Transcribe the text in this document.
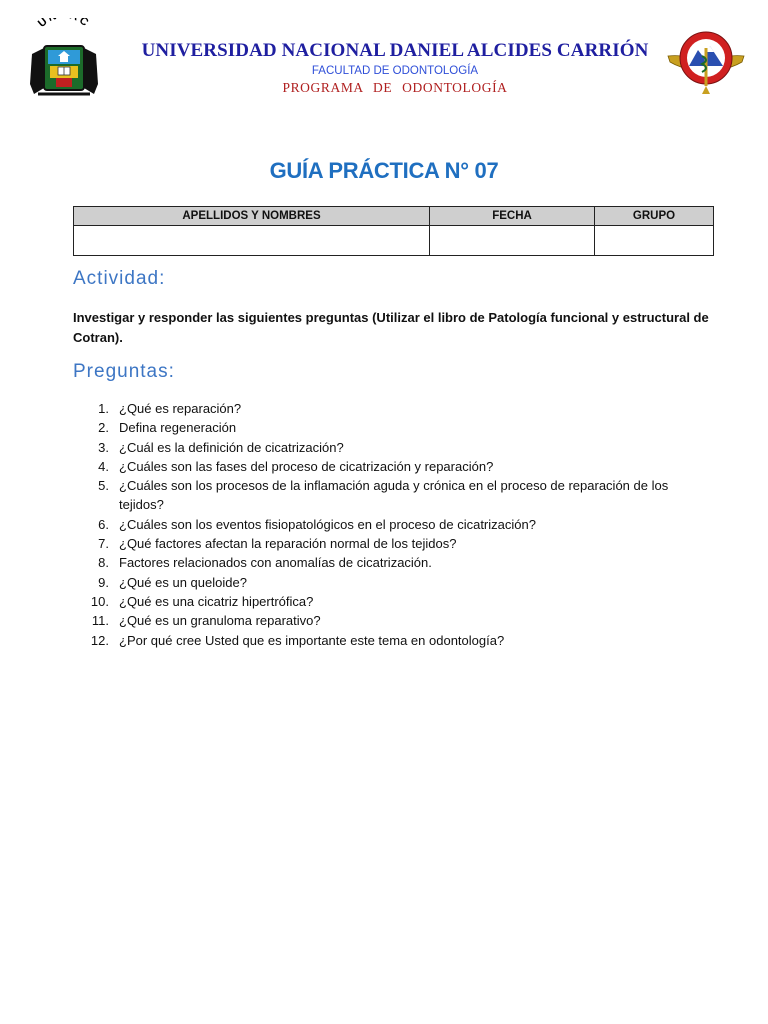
U C
UNIVERSIDAD NACIONAL DANIEL ALCIDES CARRIÓN
FACULTAD DE ODONTOLOGÍA
PROGRAMA DE ODONTOLOGÍA
GUÍA PRÁCTICA N° 07
APELLIDOS Y NOMBRES	FECHA	GRUPO

Actividad:
Investigar y responder las siguientes preguntas (Utilizar el libro de Patología funcional y estructural de Cotran).
Preguntas:
1. ¿Qué es reparación?
2. Defina regeneración
3. ¿Cuál es la definición de cicatrización?
4. ¿Cuáles son las fases del proceso de cicatrización y reparación?
5. ¿Cuáles son los procesos de la inflamación aguda y crónica en el proceso de reparación de los tejidos?
6. ¿Cuáles son los eventos fisiopatológicos en el proceso de cicatrización?
7. ¿Qué factores afectan la reparación normal de los tejidos?
8. Factores relacionados con anomalías de cicatrización.
9. ¿Qué es un queloide?
10. ¿Qué es una cicatriz hipertrófica?
11. ¿Qué es un granuloma reparativo?
12. ¿Por qué cree Usted que es importante este tema en odontología?
